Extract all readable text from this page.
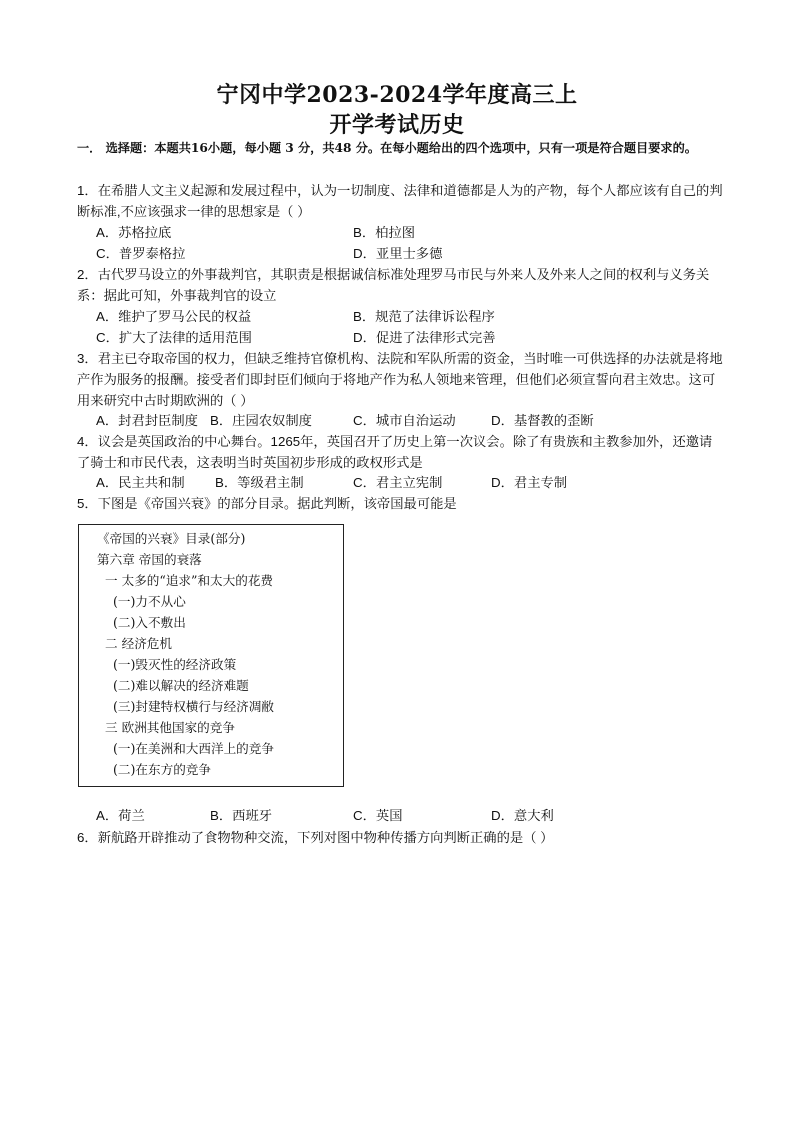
宁冈中学2023-2024学年度高三上
开学考试历史
一． 选择题：本题共16小题，每小题 3 分，共48 分。在每小题给出的四个选项中，只有一项是符合题目要求的。
1．在希腊人文主义起源和发展过程中，认为一切制度、法律和道德都是人为的产物，每个人都应该有自己的判断标准,不应该强求一律的思想家是（ ）
A．苏格拉底	B．柏拉图
C．普罗泰格拉	D．亚里士多德
2．古代罗马设立的外事裁判官，其职责是根据诚信标准处理罗马市民与外来人及外来人之间的权利与义务关系：据此可知，外事裁判官的设立
A．维护了罗马公民的权益	B．规范了法律诉讼程序
C．扩大了法律的适用范围	D．促进了法律形式完善
3．君主已夺取帝国的权力，但缺乏维持官僚机构、法院和军队所需的资金，当时唯一可供选择的办法就是将地产作为服务的报酬。接受者们即封臣们倾向于将地产作为私人领地来管理，但他们必须宣誓向君主效忠。这可用来研究中古时期欧洲的（ ）
A．封君封臣制度 B．庄园农奴制度	C．城市自治运动	D．基督教的歪断
4．议会是英国政治的中心舞台。1265年，英国召开了历史上第一次议会。除了有贵族和主教参加外，还邀请了骑士和市民代表，这表明当时英国初步形成的政权形式是
A．民主共和制 B．等级君主制	C．君主立宪制	D．君主专制
5．下图是《帝国兴衰》的部分目录。据此判断，该帝国最可能是
《帝国的兴衰》目录(部分)
第六章 帝国的衰落
一 太多的“追求”和太大的花费
(一)力不从心
(二)入不敷出
二 经济危机
(一)毁灭性的经济政策
(二)难以解决的经济难题
(三)封建特权横行与经济凋敝
三 欧洲其他国家的竞争
(一)在美洲和大西洋上的竞争
(二)在东方的竞争
A．荷兰	B．西班牙	C．英国	D．意大利
6．新航路开辟推动了食物物种交流，下列对图中物种传播方向判断正确的是（ ）
